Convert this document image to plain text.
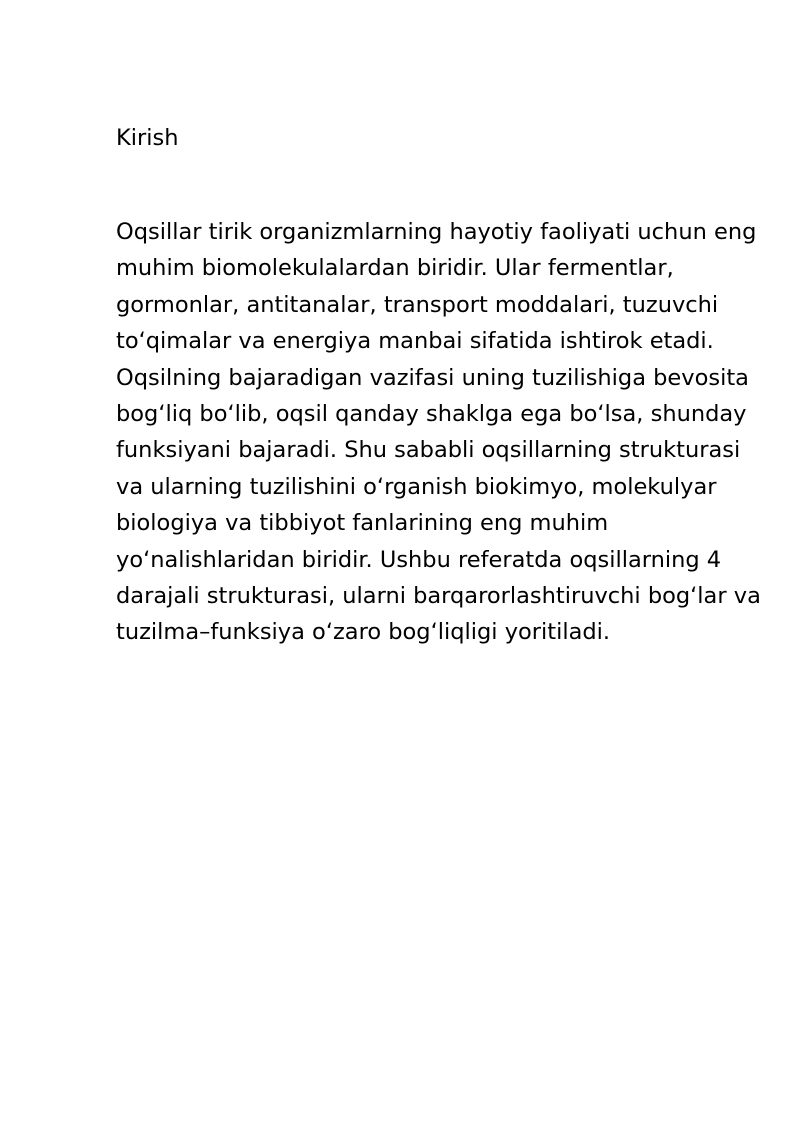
Kirish

Oqsillar tirik organizmlarning hayotiy faoliyati uchun eng
muhim biomolekulalardan biridir. Ular fermentlar,
gormonlar, antitanalar, transport moddalari, tuzuvchi
to‘qimalar va energiya manbai sifatida ishtirok etadi.
Oqsilning bajaradigan vazifasi uning tuzilishiga bevosita
bog‘liq bo‘lib, oqsil qanday shaklga ega bo‘lsa, shunday
funksiyani bajaradi. Shu sababli oqsillarning strukturasi
va ularning tuzilishini o‘rganish biokimyo, molekulyar
biologiya va tibbiyot fanlarining eng muhim
yo‘nalishlaridan biridir. Ushbu referatda oqsillarning 4
darajali strukturasi, ularni barqarorlashtiruvchi bog‘lar va
tuzilma–funksiya o‘zaro bog‘liqligi yoritiladi.
